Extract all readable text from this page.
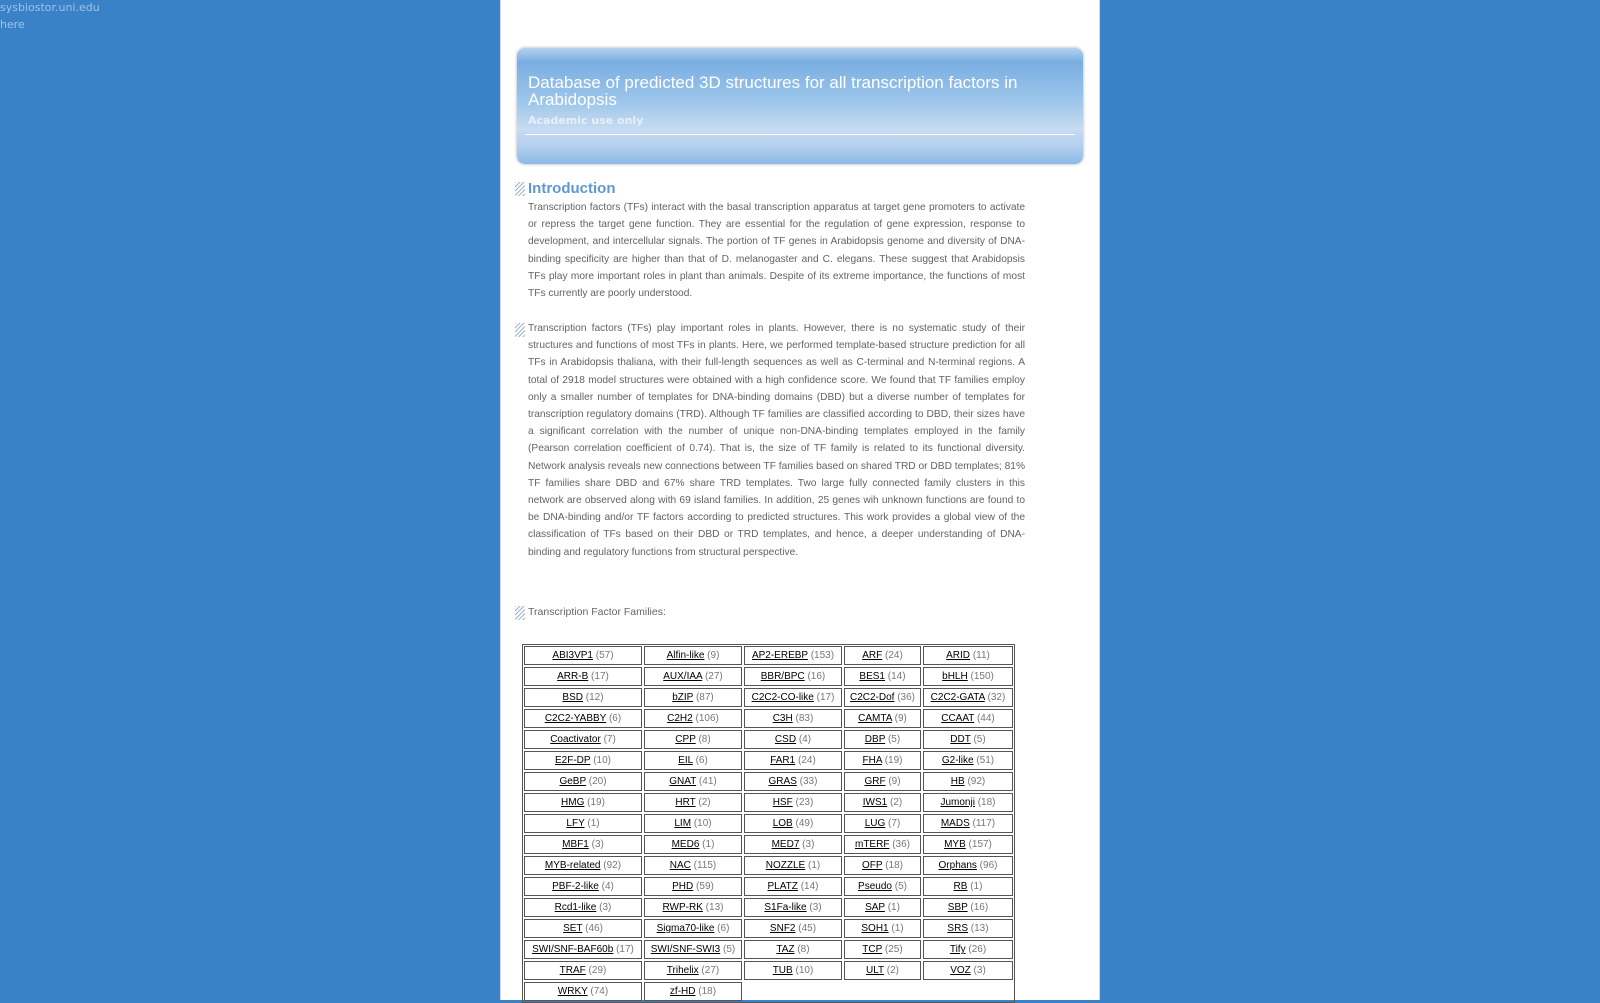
sysbiostor.uni.edu
here
Database of predicted 3D structures for all transcription factors in Arabidopsis
Academic use only
Introduction
Transcription factors (TFs) interact with the basal transcription apparatus at target gene promoters to activate or repress the target gene function. They are essential for the regulation of gene expression, response to development, and intercellular signals. The portion of TF genes in Arabidopsis genome and diversity of DNA-binding specificity are higher than that of D. melanogaster and C. elegans. These suggest that Arabidopsis TFs play more important roles in plant than animals. Despite of its extreme importance, the functions of most TFs currently are poorly understood.
Transcription factors (TFs) play important roles in plants. However, there is no systematic study of their structures and functions of most TFs in plants. Here, we performed template-based structure prediction for all TFs in Arabidopsis thaliana, with their full-length sequences as well as C-terminal and N-terminal regions. A total of 2918 model structures were obtained with a high confidence score. We found that TF families employ only a smaller number of templates for DNA-binding domains (DBD) but a diverse number of templates for transcription regulatory domains (TRD). Although TF families are classified according to DBD, their sizes have a significant correlation with the number of unique non-DNA-binding templates employed in the family (Pearson correlation coefficient of 0.74). That is, the size of TF family is related to its functional diversity. Network analysis reveals new connections between TF families based on shared TRD or DBD templates; 81% TF families share DBD and 67% share TRD templates. Two large fully connected family clusters in this network are observed along with 69 island families. In addition, 25 genes wih unknown functions are found to be DNA-binding and/or TF factors according to predicted structures. This work provides a global view of the classification of TFs based on their DBD or TRD templates, and hence, a deeper understanding of DNA-binding and regulatory functions from structural perspective.
Transcription Factor Families:
ABI3VP1 (57)	Alfin-like (9)	AP2-EREBP (153)	ARF (24)	ARID (11)
ARR-B (17)	AUX/IAA (27)	BBR/BPC (16)	BES1 (14)	bHLH (150)
BSD (12)	bZIP (87)	C2C2-CO-like (17)	C2C2-Dof (36)	C2C2-GATA (32)
C2C2-YABBY (6)	C2H2 (106)	C3H (83)	CAMTA (9)	CCAAT (44)
Coactivator (7)	CPP (8)	CSD (4)	DBP (5)	DDT (5)
E2F-DP (10)	EIL (6)	FAR1 (24)	FHA (19)	G2-like (51)
GeBP (20)	GNAT (41)	GRAS (33)	GRF (9)	HB (92)
HMG (19)	HRT (2)	HSF (23)	IWS1 (2)	Jumonji (18)
LFY (1)	LIM (10)	LOB (49)	LUG (7)	MADS (117)
MBF1 (3)	MED6 (1)	MED7 (3)	mTERF (36)	MYB (157)
MYB-related (92)	NAC (115)	NOZZLE (1)	OFP (18)	Orphans (96)
PBF-2-like (4)	PHD (59)	PLATZ (14)	Pseudo (5)	RB (1)
Rcd1-like (3)	RWP-RK (13)	S1Fa-like (3)	SAP (1)	SBP (16)
SET (46)	Sigma70-like (6)	SNF2 (45)	SOH1 (1)	SRS (13)
SWI/SNF-BAF60b (17)	SWI/SNF-SWI3 (5)	TAZ (8)	TCP (25)	Tify (26)
TRAF (29)	Trihelix (27)	TUB (10)	ULT (2)	VOZ (3)
WRKY (74)	zf-HD (18)
